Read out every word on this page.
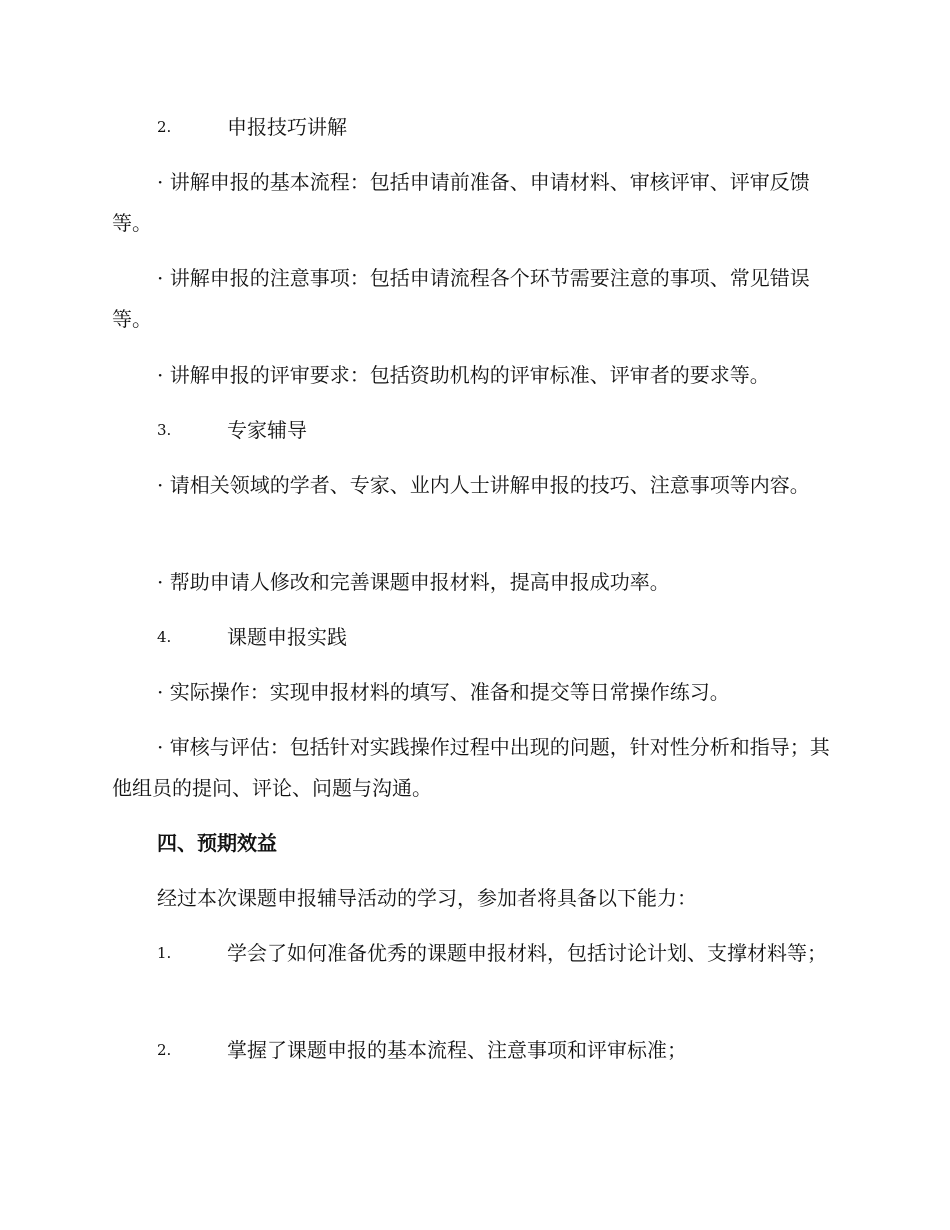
2.	申报技巧讲解

· 讲解申报的基本流程：包括申请前准备、申请材料、审核评审、评审反馈等。

· 讲解申报的注意事项：包括申请流程各个环节需要注意的事项、常见错误等。

· 讲解申报的评审要求：包括资助机构的评审标准、评审者的要求等。

3.	专家辅导

· 请相关领域的学者、专家、业内人士讲解申报的技巧、注意事项等内容。

· 帮助申请人修改和完善课题申报材料，提高申报成功率。

4.	课题申报实践

· 实际操作：实现申报材料的填写、准备和提交等日常操作练习。

· 审核与评估：包括针对实践操作过程中出现的问题，针对性分析和指导；其他组员的提问、评论、问题与沟通。

四、预期效益

经过本次课题申报辅导活动的学习，参加者将具备以下能力：

1.	学会了如何准备优秀的课题申报材料，包括讨论计划、支撑材料等；

2.	掌握了课题申报的基本流程、注意事项和评审标准；
